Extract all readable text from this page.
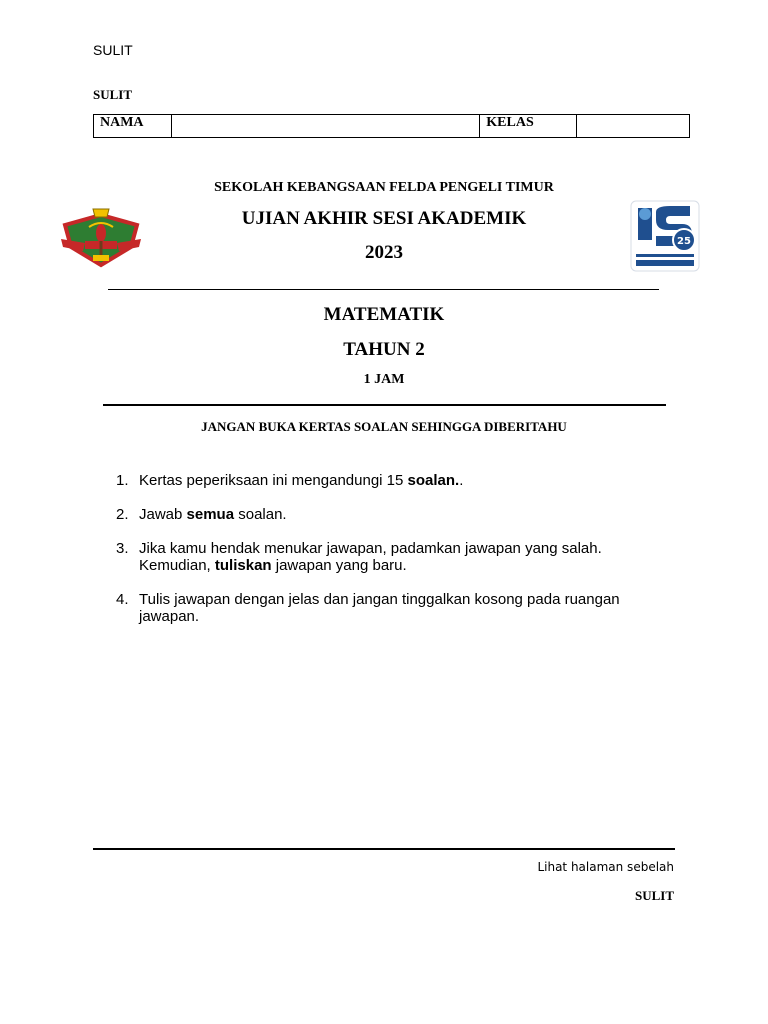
SULIT
SULIT
NAMA		KELAS	
25
SEKOLAH KEBANGSAAN FELDA PENGELI TIMUR
UJIAN AKHIR SESI AKADEMIK
2023
MATEMATIK
TAHUN 2
1 JAM
JANGAN BUKA KERTAS SOALAN SEHINGGA DIBERITAHU
1. Kertas peperiksaan ini mengandungi 15 soalan..
2. Jawab semua soalan.
3. Jika kamu hendak menukar jawapan, padamkan jawapan yang salah. Kemudian, tuliskan jawapan yang baru.
4. Tulis jawapan dengan jelas dan jangan tinggalkan kosong pada ruangan jawapan.
Lihat halaman sebelah
SULIT
